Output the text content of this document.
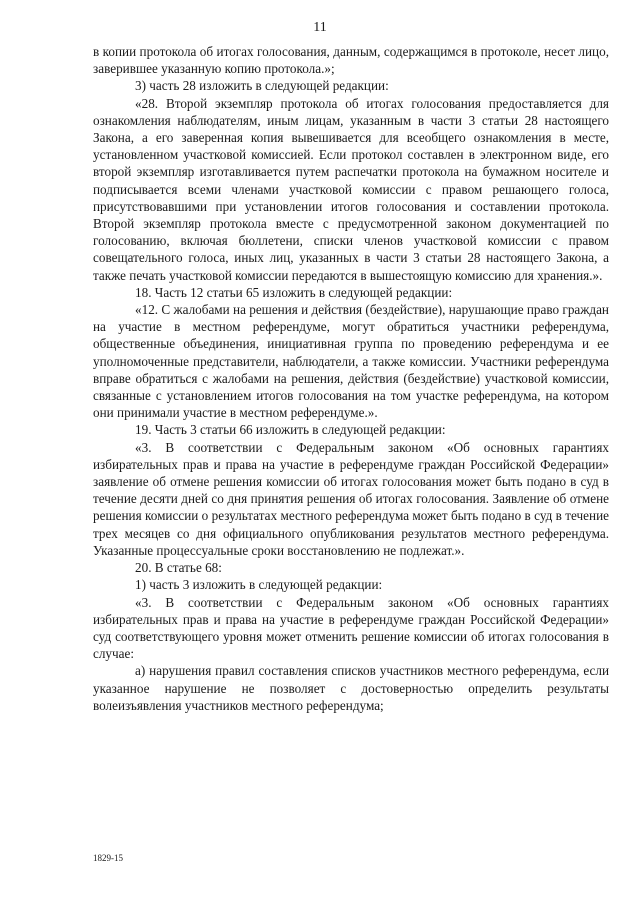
11

в копии протокола об итогах голосования, данным, содержащимся в протоколе, несет лицо, заверившее указанную копию протокола.»;

3) часть 28 изложить в следующей редакции:

«28. Второй экземпляр протокола об итогах голосования предоставляется для ознакомления наблюдателям, иным лицам, указанным в части 3 статьи 28 настоящего Закона, а его заверенная копия вывешивается для всеобщего ознакомления в месте, установленном участковой комиссией. Если протокол составлен в электронном виде, его второй экземпляр изготавливается путем распечатки протокола на бумажном носителе и подписывается всеми членами участковой комиссии с правом решающего голоса, присутствовавшими при установлении итогов голосования и составлении протокола. Второй экземпляр протокола вместе с предусмотренной законом документацией по голосованию, включая бюллетени, списки членов участковой комиссии с правом совещательного голоса, иных лиц, указанных в части 3 статьи 28 настоящего Закона, а также печать участковой комиссии передаются в вышестоящую комиссию для хранения.».

18. Часть 12 статьи 65 изложить в следующей редакции:

«12. С жалобами на решения и действия (бездействие), нарушающие право граждан на участие в местном референдуме, могут обратиться участники референдума, общественные объединения, инициативная группа по проведению референдума и ее уполномоченные представители, наблюдатели, а также комиссии. Участники референдума вправе обратиться с жалобами на решения, действия (бездействие) участковой комиссии, связанные с установлением итогов голосования на том участке референдума, на котором они принимали участие в местном референдуме.».

19. Часть 3 статьи 66 изложить в следующей редакции:

«3. В соответствии с Федеральным законом «Об основных гарантиях избирательных прав и права на участие в референдуме граждан Российской Федерации» заявление об отмене решения комиссии об итогах голосования может быть подано в суд в течение десяти дней со дня принятия решения об итогах голосования. Заявление об отмене решения комиссии о результатах местного референдума может быть подано в суд в течение трех месяцев со дня официального опубликования результатов местного референдума. Указанные процессуальные сроки восстановлению не подлежат.».

20. В статье 68:

1) часть 3 изложить в следующей редакции:

«3. В соответствии с Федеральным законом «Об основных гарантиях избирательных прав и права на участие в референдуме граждан Российской Федерации» суд соответствующего уровня может отменить решение комиссии об итогах голосования в случае:

а) нарушения правил составления списков участников местного референдума, если указанное нарушение не позволяет с достоверностью определить результаты волеизъявления участников местного референдума;

1829-15
